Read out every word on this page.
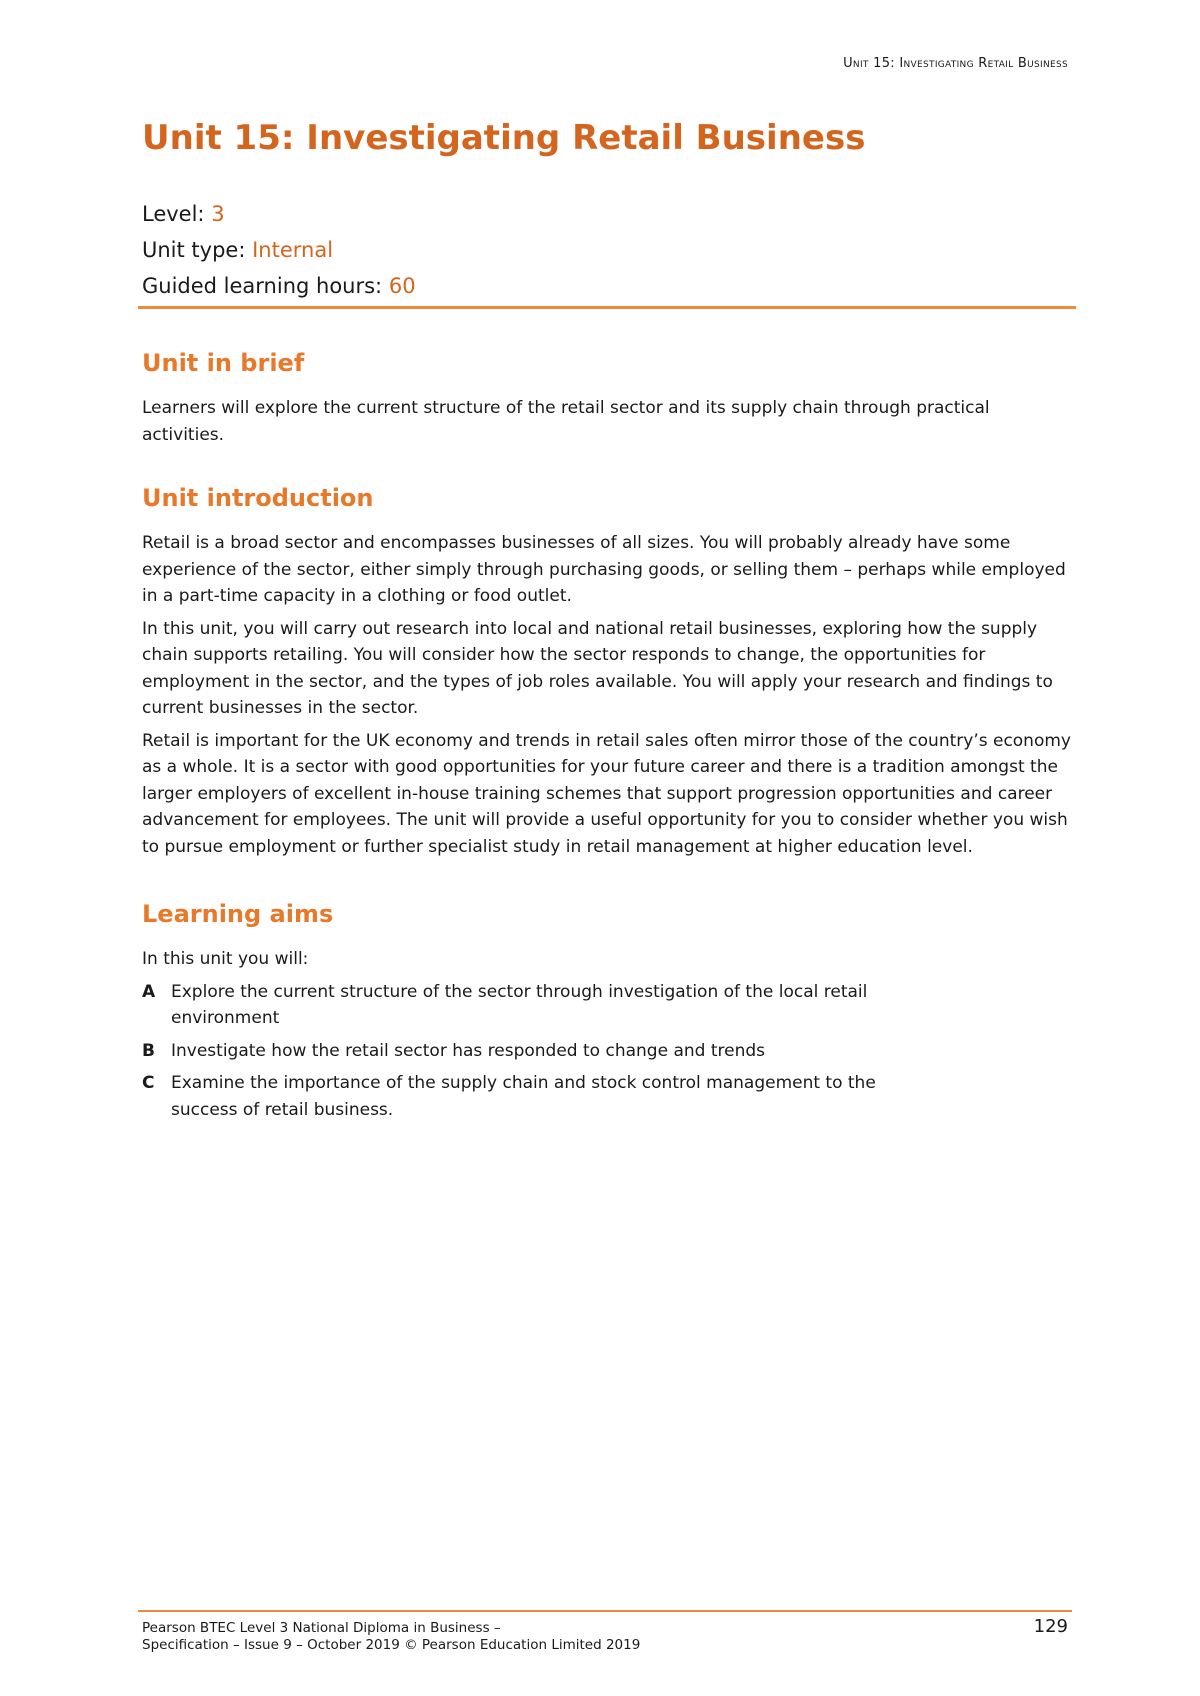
Unit 15: Investigating Retail Business
Unit 15: Investigating Retail Business
Level: 3
Unit type: Internal
Guided learning hours: 60
Unit in brief

Learners will explore the current structure of the retail sector and its supply chain through practical activities.

Unit introduction

Retail is a broad sector and encompasses businesses of all sizes. You will probably already have some experience of the sector, either simply through purchasing goods, or selling them – perhaps while employed in a part-time capacity in a clothing or food outlet.

In this unit, you will carry out research into local and national retail businesses, exploring how the supply chain supports retailing. You will consider how the sector responds to change, the opportunities for employment in the sector, and the types of job roles available. You will apply your research and findings to current businesses in the sector.

Retail is important for the UK economy and trends in retail sales often mirror those of the country’s economy as a whole. It is a sector with good opportunities for your future career and there is a tradition amongst the larger employers of excellent in-house training schemes that support progression opportunities and career advancement for employees. The unit will provide a useful opportunity for you to consider whether you wish to pursue employment or further specialist study in retail management at higher education level.

Learning aims

In this unit you will:

A Explore the current structure of the sector through investigation of the local retail environment
B Investigate how the retail sector has responded to change and trends
C Examine the importance of the supply chain and stock control management to the success of retail business.
Pearson BTEC Level 3 National Diploma in Business –
Specification – Issue 9 – October 2019 © Pearson Education Limited 2019
129
